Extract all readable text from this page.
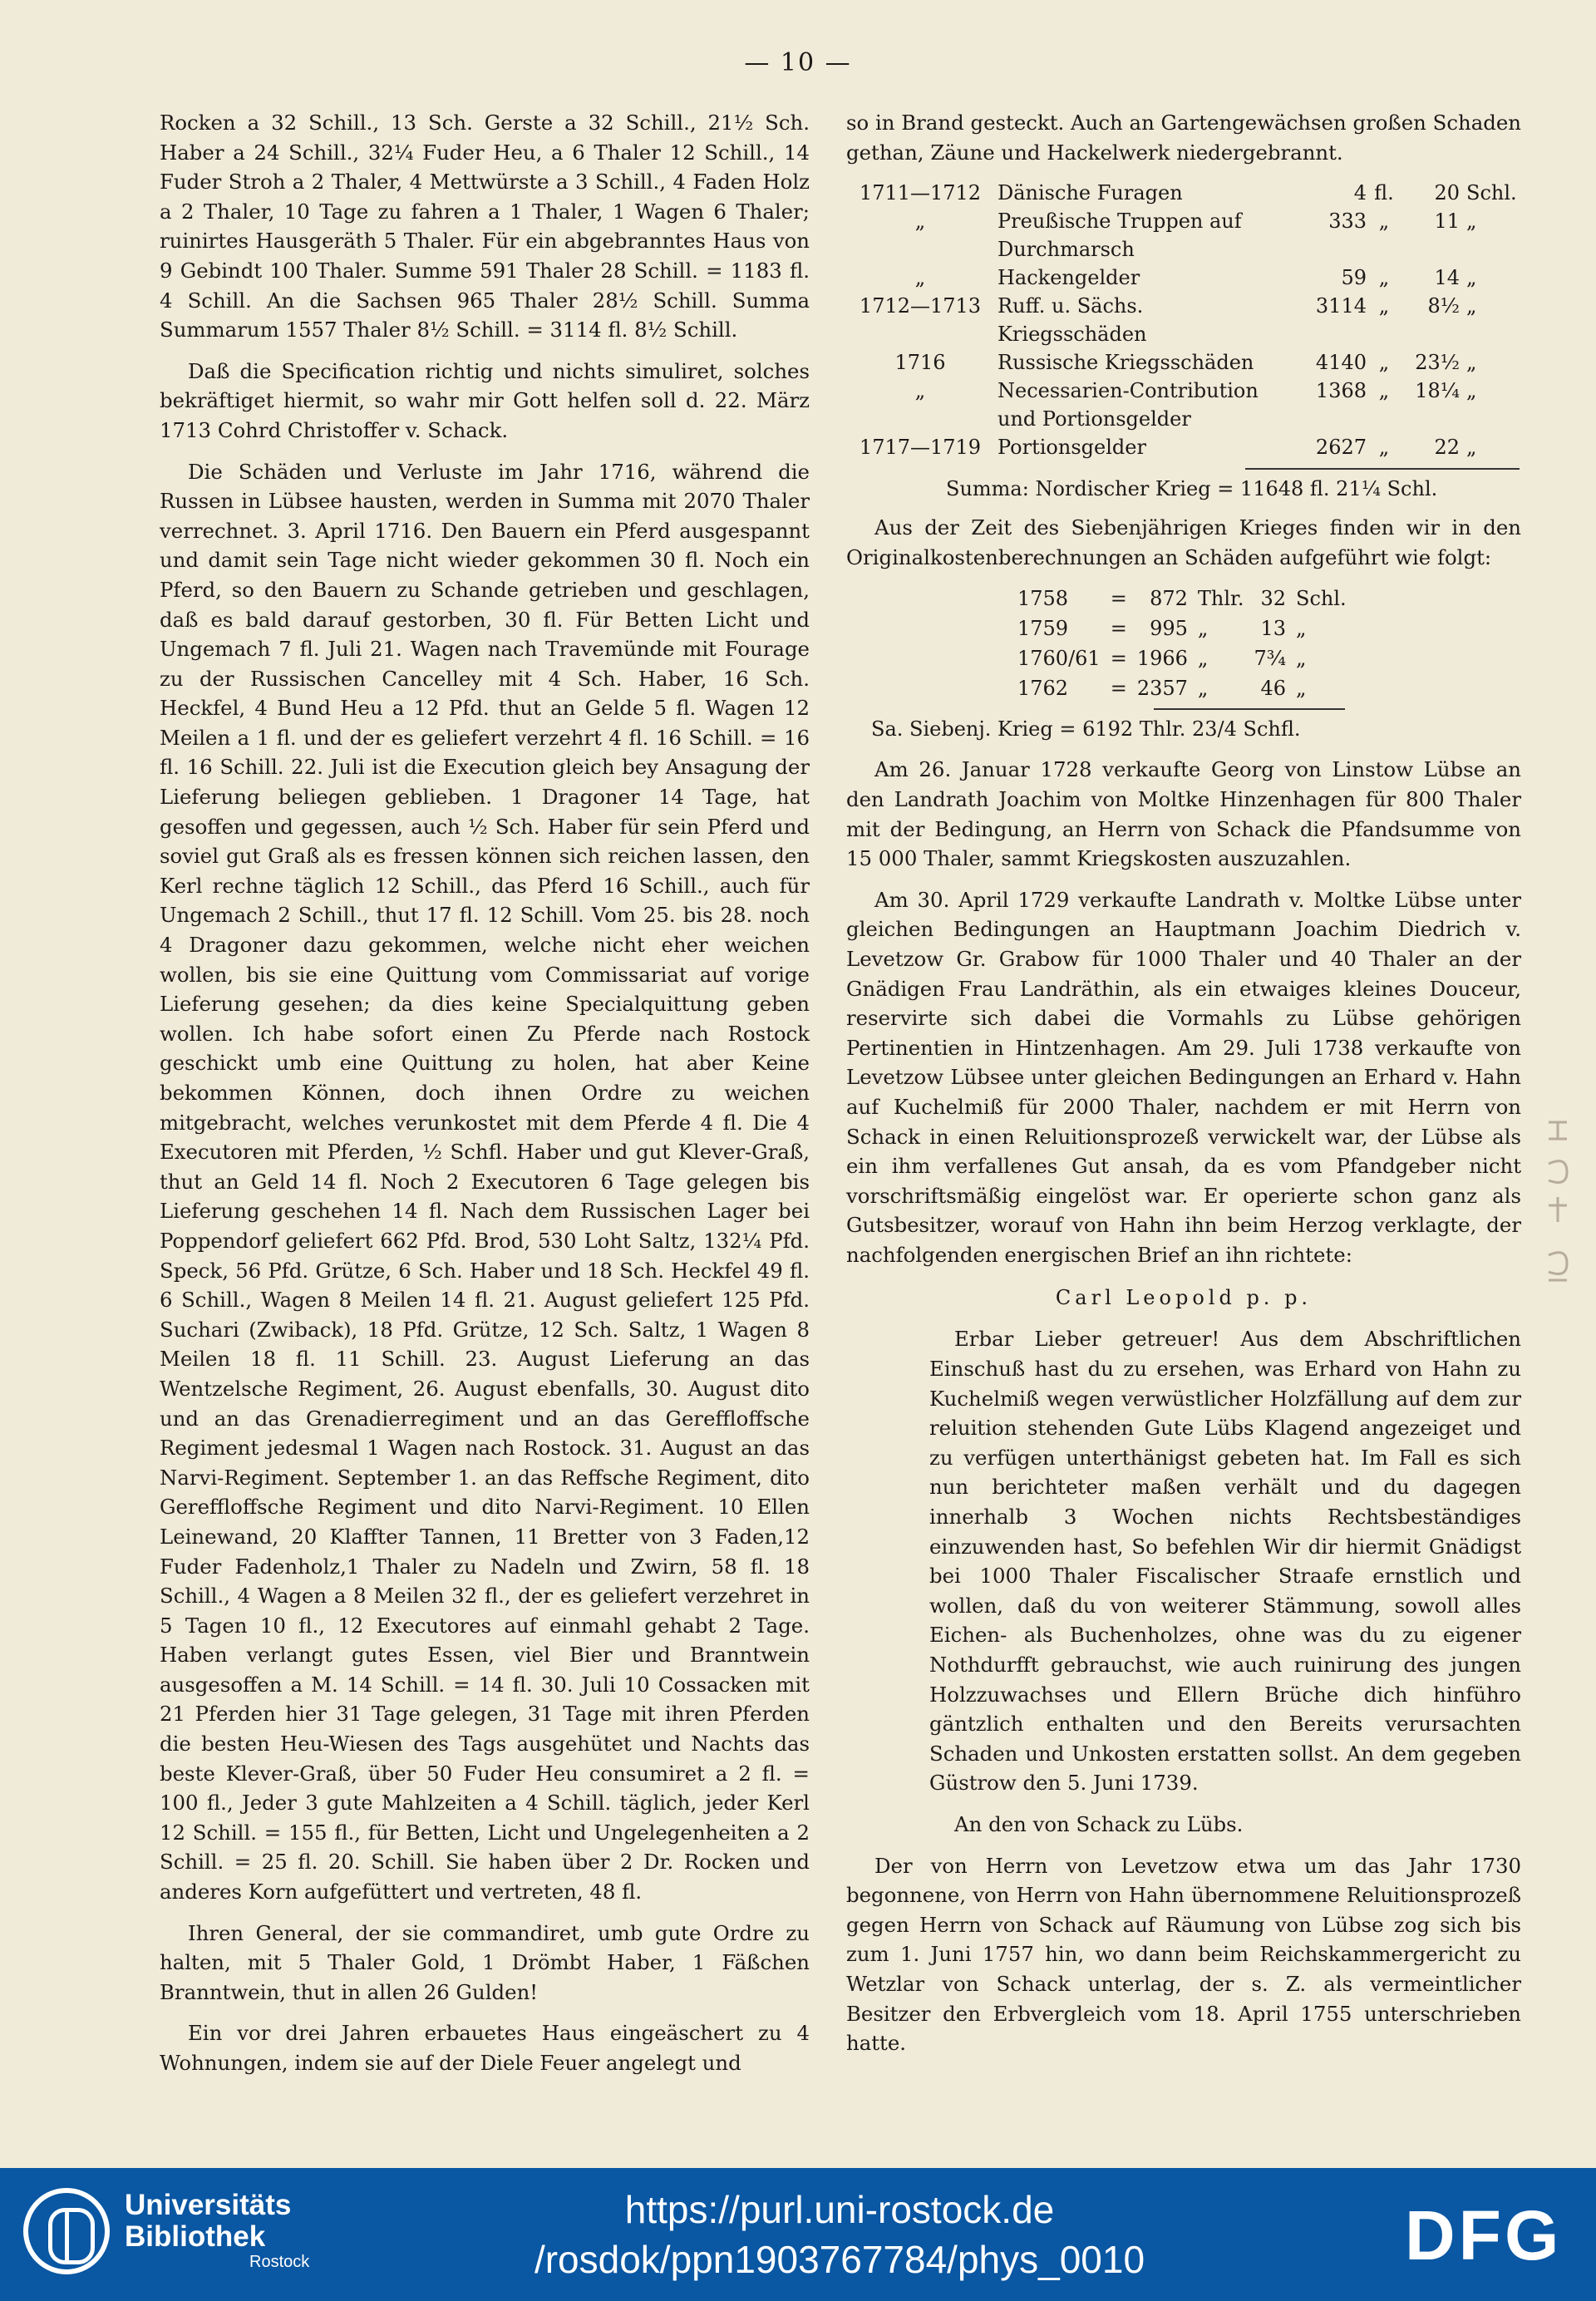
— 10 —

Rocken a 32 Schill., 13 Sch. Gerste a 32 Schill., 21½ Sch. Haber a 24 Schill., 32¼ Fuder Heu, a 6 Thaler 12 Schill., 14 Fuder Stroh a 2 Thaler, 4 Mettwürste a 3 Schill., 4 Faden Holz a 2 Thaler, 10 Tage zu fahren a 1 Thaler, 1 Wagen 6 Thaler; ruinirtes Hausgeräth 5 Thaler. Für ein abgebranntes Haus von 9 Gebindt 100 Thaler. Summe 591 Thaler 28 Schill. = 1183 fl. 4 Schill. An die Sachsen 965 Thaler 28½ Schill. Summa Summarum 1557 Thaler 8½ Schill. = 3114 fl. 8½ Schill.

Daß die Specification richtig und nichts simuliret, solches bekräftiget hiermit, so wahr mir Gott helfen soll d. 22. März 1713 Cohrd Christoffer v. Schack.

Die Schäden und Verluste im Jahr 1716, während die Russen in Lübsee hausten, werden in Summa mit 2070 Thaler verrechnet. 3. April 1716. Den Bauern ein Pferd ausgespannt und damit sein Tage nicht wieder gekommen 30 fl. Noch ein Pferd, so den Bauern zu Schande getrieben und geschlagen, daß es bald darauf gestorben, 30 fl. Für Betten Licht und Ungemach 7 fl. Juli 21. Wagen nach Travemünde mit Fourage zu der Russischen Cancelley mit 4 Sch. Haber, 16 Sch. Heckfel, 4 Bund Heu a 12 Pfd. thut an Gelde 5 fl. Wagen 12 Meilen a 1 fl. und der es geliefert verzehrt 4 fl. 16 Schill. = 16 fl. 16 Schill. 22. Juli ist die Execution gleich bey Ansagung der Lieferung beliegen geblieben. 1 Dragoner 14 Tage, hat gesoffen und gegessen, auch ½ Sch. Haber für sein Pferd und soviel gut Graß als es fressen können sich reichen lassen, den Kerl rechne täglich 12 Schill., das Pferd 16 Schill., auch für Ungemach 2 Schill., thut 17 fl. 12 Schill. Vom 25. bis 28. noch 4 Dragoner dazu gekommen, welche nicht eher weichen wollen, bis sie eine Quittung vom Commissariat auf vorige Lieferung gesehen; da dies keine Specialquittung geben wollen. Ich habe sofort einen Zu Pferde nach Rostock geschickt umb eine Quittung zu holen, hat aber Keine bekommen Können, doch ihnen Ordre zu weichen mitgebracht, welches verunkostet mit dem Pferde 4 fl. Die 4 Executoren mit Pferden, ½ Schfl. Haber und gut Klever-Graß, thut an Geld 14 fl. Noch 2 Executoren 6 Tage gelegen bis Lieferung geschehen 14 fl. Nach dem Russischen Lager bei Poppendorf geliefert 662 Pfd. Brod, 530 Loht Saltz, 132¼ Pfd. Speck, 56 Pfd. Grütze, 6 Sch. Haber und 18 Sch. Heckfel 49 fl. 6 Schill., Wagen 8 Meilen 14 fl. 21. August geliefert 125 Pfd. Suchari (Zwiback), 18 Pfd. Grütze, 12 Sch. Saltz, 1 Wagen 8 Meilen 18 fl. 11 Schill. 23. August Lieferung an das Wentzelsche Regiment, 26. August ebenfalls, 30. August dito und an das Grenadierregiment und an das Gereffloffsche Regiment jedesmal 1 Wagen nach Rostock. 31. August an das Narvi-Regiment. September 1. an das Reffsche Regiment, dito Gereffloffsche Regiment und dito Narvi-Regiment. 10 Ellen Leinewand, 20 Klaffter Tannen, 11 Bretter von 3 Faden,12 Fuder Fadenholz,1 Thaler zu Nadeln und Zwirn, 58 fl. 18 Schill., 4 Wagen a 8 Meilen 32 fl., der es geliefert verzehret in 5 Tagen 10 fl., 12 Executores auf einmahl gehabt 2 Tage. Haben verlangt gutes Essen, viel Bier und Branntwein ausgesoffen a M. 14 Schill. = 14 fl. 30. Juli 10 Cossacken mit 21 Pferden hier 31 Tage gelegen, 31 Tage mit ihren Pferden die besten Heu-Wiesen des Tags ausgehütet und Nachts das beste Klever-Graß, über 50 Fuder Heu consumiret a 2 fl. = 100 fl., Jeder 3 gute Mahlzeiten a 4 Schill. täglich, jeder Kerl 12 Schill. = 155 fl., für Betten, Licht und Ungelegenheiten a 2 Schill. = 25 fl. 20. Schill. Sie haben über 2 Dr. Rocken und anderes Korn aufgefüttert und vertreten, 48 fl.

Ihren General, der sie commandiret, umb gute Ordre zu halten, mit 5 Thaler Gold, 1 Drömbt Haber, 1 Fäßchen Branntwein, thut in allen 26 Gulden!

Ein vor drei Jahren erbauetes Haus eingeäschert zu 4 Wohnungen, indem sie auf der Diele Feuer angelegt und

so in Brand gesteckt. Auch an Gartengewächsen großen Schaden gethan, Zäune und Hackelwerk niedergebrannt.

1711—1712	Dänische Furagen	4	fl.	20	Schl.
„	Preußische Truppen auf Durchmarsch	333	„	11	„
„	Hackengelder	59	„	14	„
1712—1713	Ruff. u. Sächs. Kriegsschäden	3114	„	8½	„
1716	Russische Kriegsschäden	4140	„	23½	„
„	Necessarien-Contribution und Portionsgelder	1368	„	18¼	„
1717—1719	Portionsgelder	2627	„	22	„
Summa: Nordischer Krieg = 11648 fl. 21¼ Schl.

Aus der Zeit des Siebenjährigen Krieges finden wir in den Originalkostenberechnungen an Schäden aufgeführt wie folgt:

1758	=	872	Thlr.	32	Schl.
1759	=	995	„	13	„
1760/61	=	1966	„	7¾	„
1762	=	2357	„	46	„
Sa. Siebenj. Krieg = 6192 Thlr. 23/4 Schfl.

Am 26. Januar 1728 verkaufte Georg von Linstow Lübse an den Landrath Joachim von Moltke Hinzenhagen für 800 Thaler mit der Bedingung, an Herrn von Schack die Pfandsumme von 15 000 Thaler, sammt Kriegskosten auszuzahlen.

Am 30. April 1729 verkaufte Landrath v. Moltke Lübse unter gleichen Bedingungen an Hauptmann Joachim Diedrich v. Levetzow Gr. Grabow für 1000 Thaler und 40 Thaler an der Gnädigen Frau Landräthin, als ein etwaiges kleines Douceur, reservirte sich dabei die Vormahls zu Lübse gehörigen Pertinentien in Hintzenhagen. Am 29. Juli 1738 verkaufte von Levetzow Lübsee unter gleichen Bedingungen an Erhard v. Hahn auf Kuchelmiß für 2000 Thaler, nachdem er mit Herrn von Schack in einen Reluitionsprozeß verwickelt war, der Lübse als ein ihm verfallenes Gut ansah, da es vom Pfandgeber nicht vorschriftsmäßig eingelöst war. Er operierte schon ganz als Gutsbesitzer, worauf von Hahn ihn beim Herzog verklagte, der nachfolgenden energischen Brief an ihn richtete:

Carl Leopold p. p.

Erbar Lieber getreuer! Aus dem Abschriftlichen Einschuß hast du zu ersehen, was Erhard von Hahn zu Kuchelmiß wegen verwüstlicher Holzfällung auf dem zur reluition stehenden Gute Lübs Klagend angezeiget und zu verfügen unterthänigst gebeten hat. Im Fall es sich nun berichteter maßen verhält und du dagegen innerhalb 3 Wochen nichts Rechtsbeständiges einzuwenden hast, So befehlen Wir dir hiermit Gnädigst bei 1000 Thaler Fiscalischer Straafe ernstlich und wollen, daß du von weiterer Stämmung, sowoll alles Eichen- als Buchenholzes, ohne was du zu eigener Nothdurfft gebrauchst, wie auch ruinirung des jungen Holzzuwachses und Ellern Brüche dich hinführo gäntzlich enthalten und den Bereits verursachten Schaden und Unkosten erstatten sollst. An dem gegeben Güstrow den 5. Juni 1739.

An den von Schack zu Lübs.

Der von Herrn von Levetzow etwa um das Jahr 1730 begonnene, von Herrn von Hahn übernommene Reluitionsprozeß gegen Herrn von Schack auf Räumung von Lübse zog sich bis zum 1. Juni 1757 hin, wo dann beim Reichskammergericht zu Wetzlar von Schack unterlag, der s. Z. als vermeintlicher Besitzer den Erbvergleich vom 18. April 1755 unterschrieben hatte.

Universitäts
Bibliothek
Rostock
https://purl.uni-rostock.de
/rosdok/ppn1903767784/phys_0010	DFG
